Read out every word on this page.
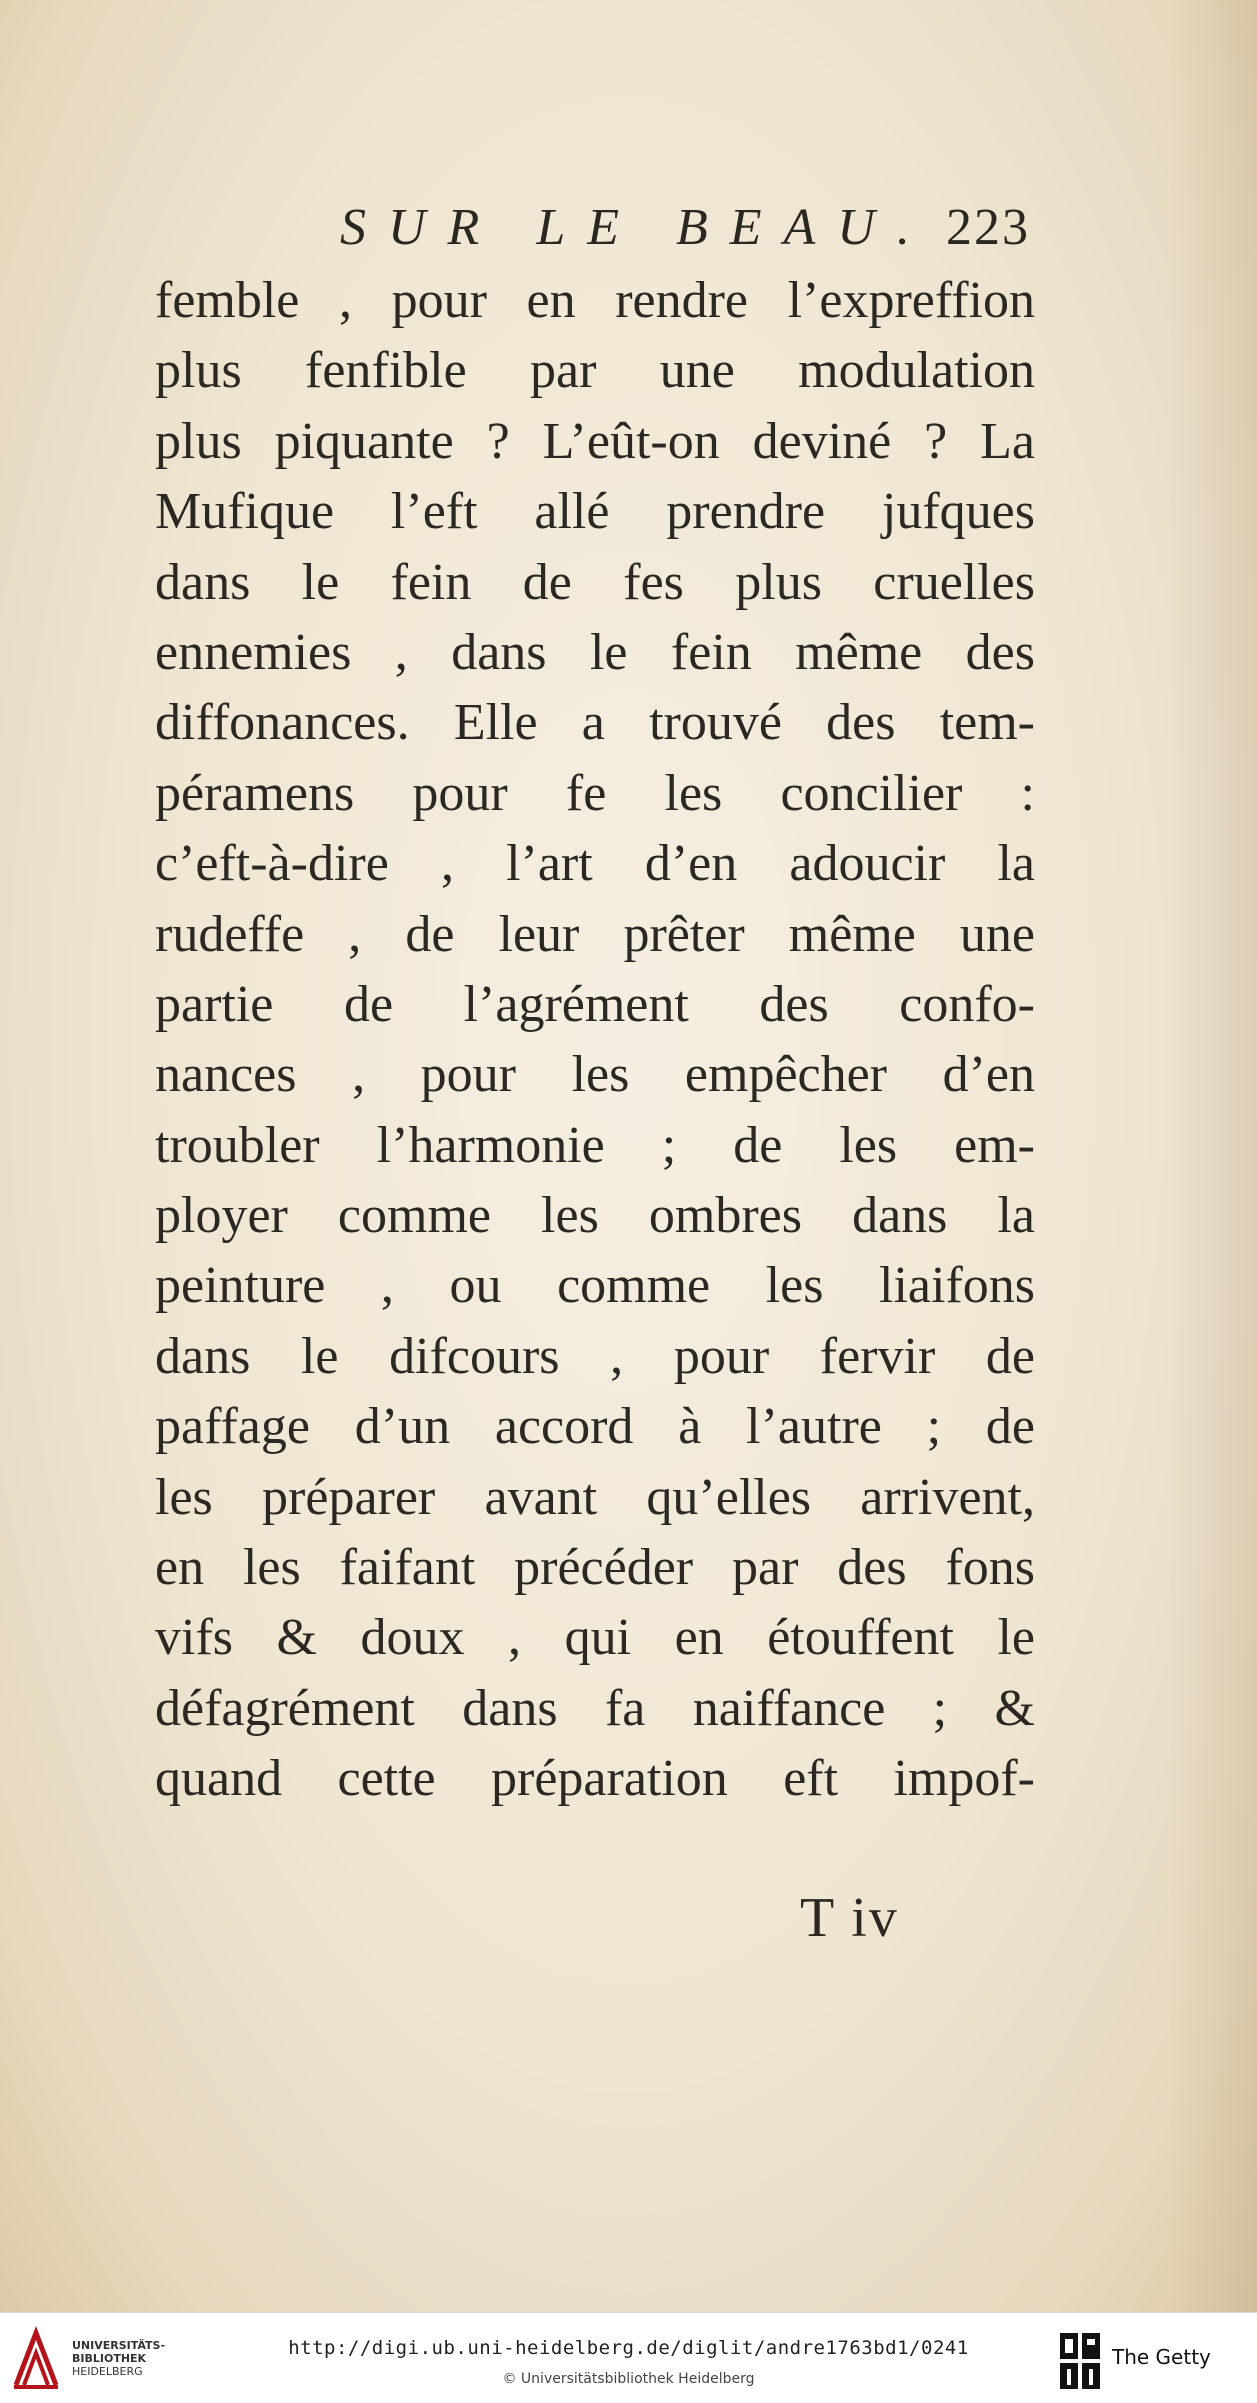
SUR LE BEAU. 223
femble , pour en rendre l’expreffion
plus fenfible par une modulation
plus piquante ? L’eût-on deviné ? La
Mufique l’eft allé prendre jufques
dans le fein de fes plus cruelles
ennemies , dans le fein même des
diffonances. Elle a trouvé des tem-
péramens pour fe les concilier :
c’eft-à-dire , l’art d’en adoucir la
rudeffe , de leur prêter même une
partie de l’agrément des confo-
nances , pour les empêcher d’en
troubler l’harmonie ; de les em-
ployer comme les ombres dans la
peinture , ou comme les liaifons
dans le difcours , pour fervir de
paffage d’un accord à l’autre ; de
les préparer avant qu’elles arrivent,
en les faifant précéder par des fons
vifs & doux , qui en étouffent le
défagrément dans fa naiffance ; &
quand cette préparation eft impof-
T iv
UNIVERSITÄTS-
BIBLIOTHEK
HEIDELBERG
http://digi.ub.uni-heidelberg.de/diglit/andre1763bd1/0241
© Universitätsbibliothek Heidelberg
The Getty
